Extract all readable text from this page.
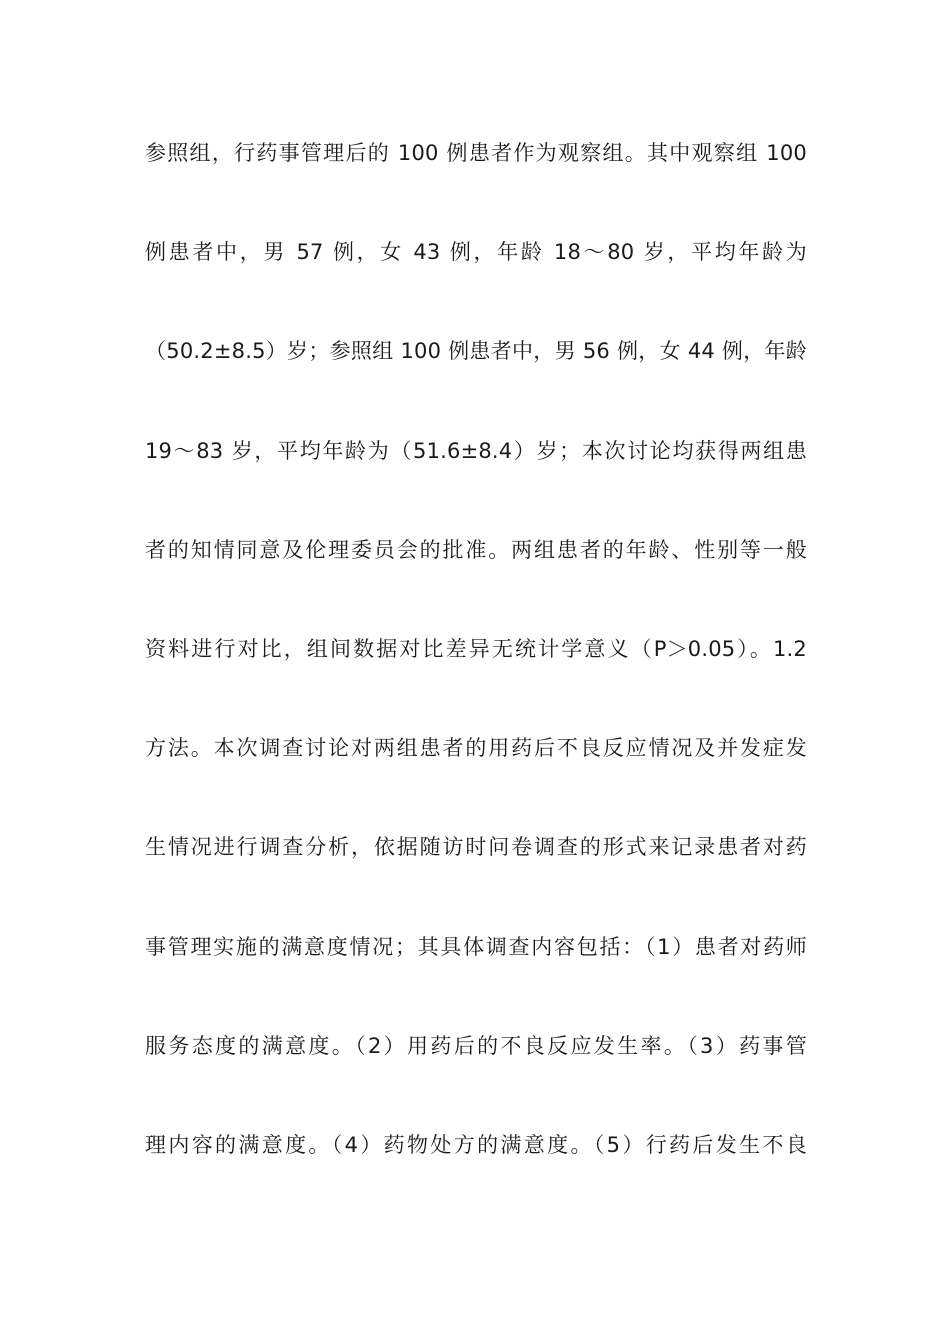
参照组，行药事管理后的 100 例患者作为观察组。其中观察组 100
例患者中，男 57 例，女 43 例，年龄 18～80 岁，平均年龄为
（50.2±8.5）岁；参照组 100 例患者中，男 56 例，女 44 例，年龄
19～83 岁，平均年龄为（51.6±8.4）岁；本次讨论均获得两组患
者的知情同意及伦理委员会的批准。两组患者的年龄、性别等一般
资料进行对比，组间数据对比差异无统计学意义（P＞0.05）。1.2
方法。本次调查讨论对两组患者的用药后不良反应情况及并发症发
生情况进行调查分析，依据随访时问卷调查的形式来记录患者对药
事管理实施的满意度情况；其具体调查内容包括：（1）患者对药师
服务态度的满意度。（2）用药后的不良反应发生率。（3）药事管
理内容的满意度。（4）药物处方的满意度。（5）行药后发生不良
